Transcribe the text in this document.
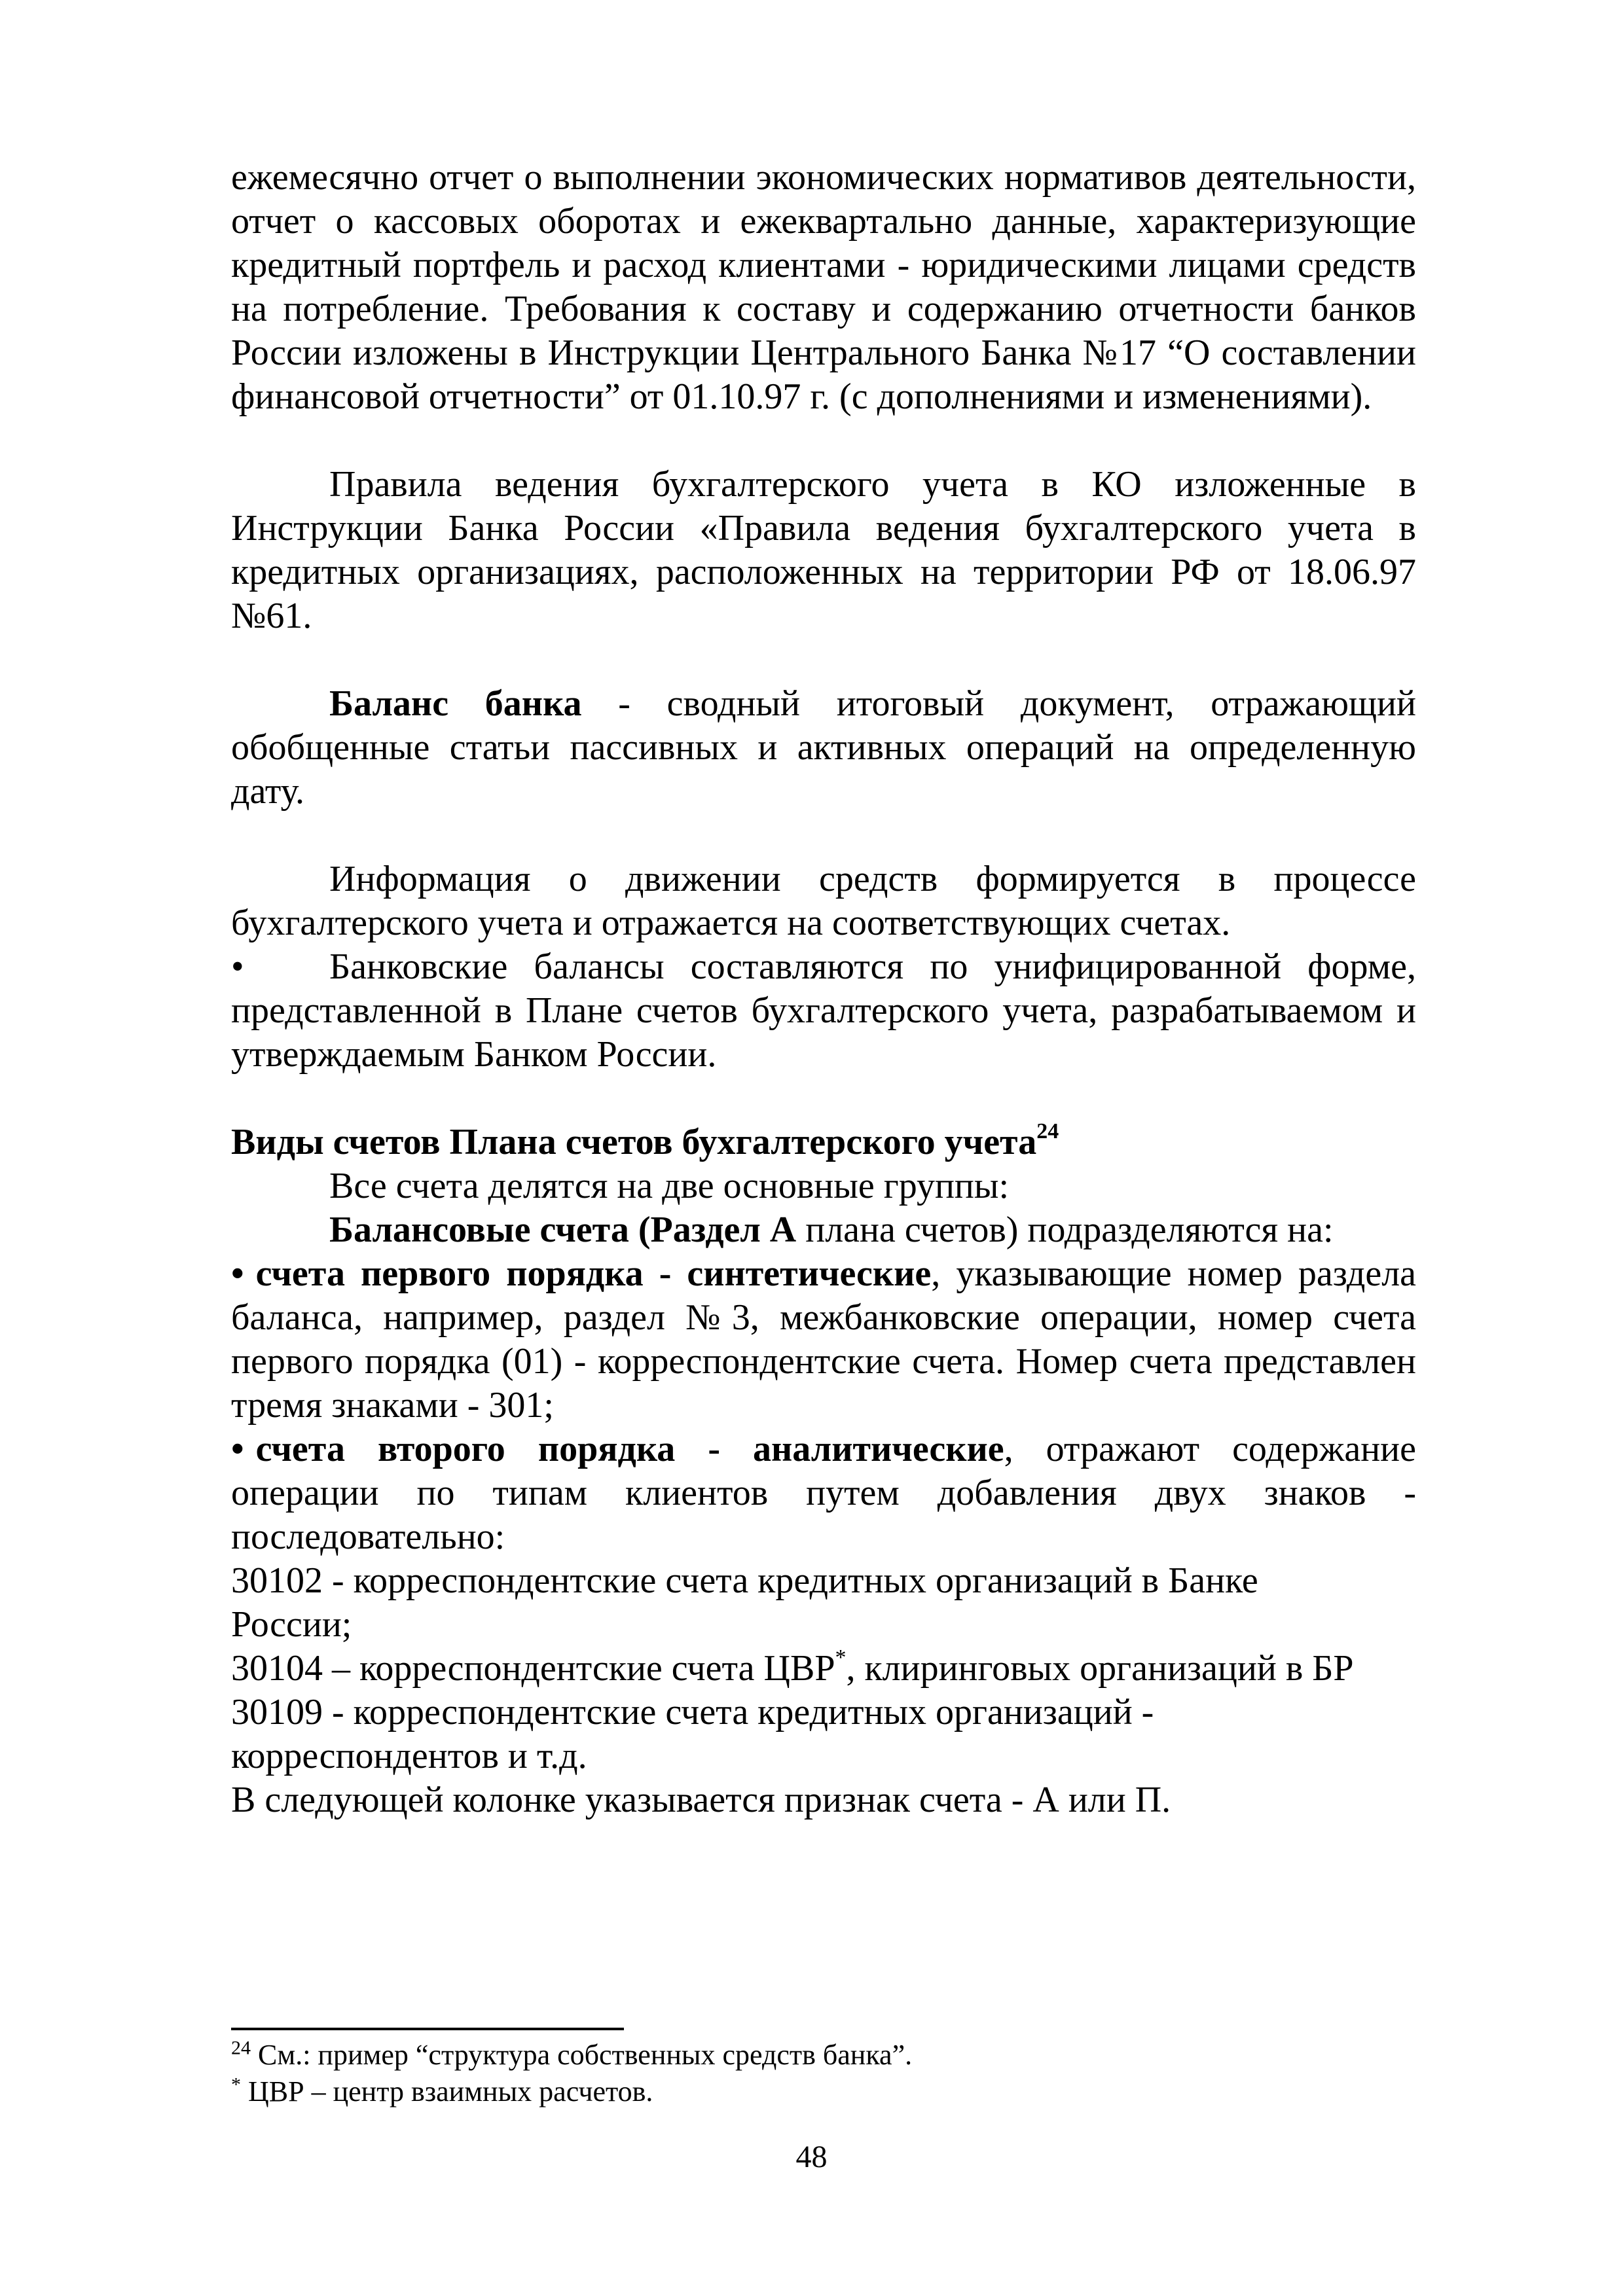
ежемесячно отчет о выполнении экономических нормативов деятельности, отчет о кассовых оборотах и ежеквартально данные, характеризующие кредитный портфель и расход клиентами - юридическими лицами средств на потребление. Требования к составу и содержанию отчетности банков России изложены в Инструкции Центрального Банка №17 “О составлении финансовой отчетности” от 01.10.97 г. (с дополнениями и изменениями).

Правила ведения бухгалтерского учета в КО изложенные в Инструкции Банка России «Правила ведения бухгалтерского учета в кредитных организациях, расположенных на территории РФ от 18.06.97 №61.

Баланс банка - сводный итоговый документ, отражающий обобщенные статьи пассивных и активных операций на определенную дату.

Информация о движении средств формируется в процессе бухгалтерского учета и отражается на соответствующих счетах.

• Банковские балансы составляются по унифицированной форме, представленной в Плане счетов бухгалтерского учета, разрабатываемом и утверждаемым Банком России.

Виды счетов Плана счетов бухгалтерского учета$^{24}$

Все счета делятся на две основные группы:

Балансовые счета (Раздел А плана счетов) подразделяются на:

• счета первого порядка - синтетические, указывающие номер раздела баланса, например, раздел №3, межбанковские операции, номер счета первого порядка (01) - корреспондентские счета. Номер счета представлен тремя знаками - 301;

• счета второго порядка - аналитические, отражают содержание операции по типам клиентов путем добавления двух знаков - последовательно:

30102 - корреспондентские счета кредитных организаций в Банке

России;

30104 – корреспондентские счета ЦВР*, клиринговых организаций в БР

30109 - корреспондентские счета кредитных организаций -

корреспондентов и т.д.

В следующей колонке указывается признак счета - А или П.

$^{24}$ См.: пример “структура собственных средств банка”.

* ЦВР – центр взаимных расчетов.

48
